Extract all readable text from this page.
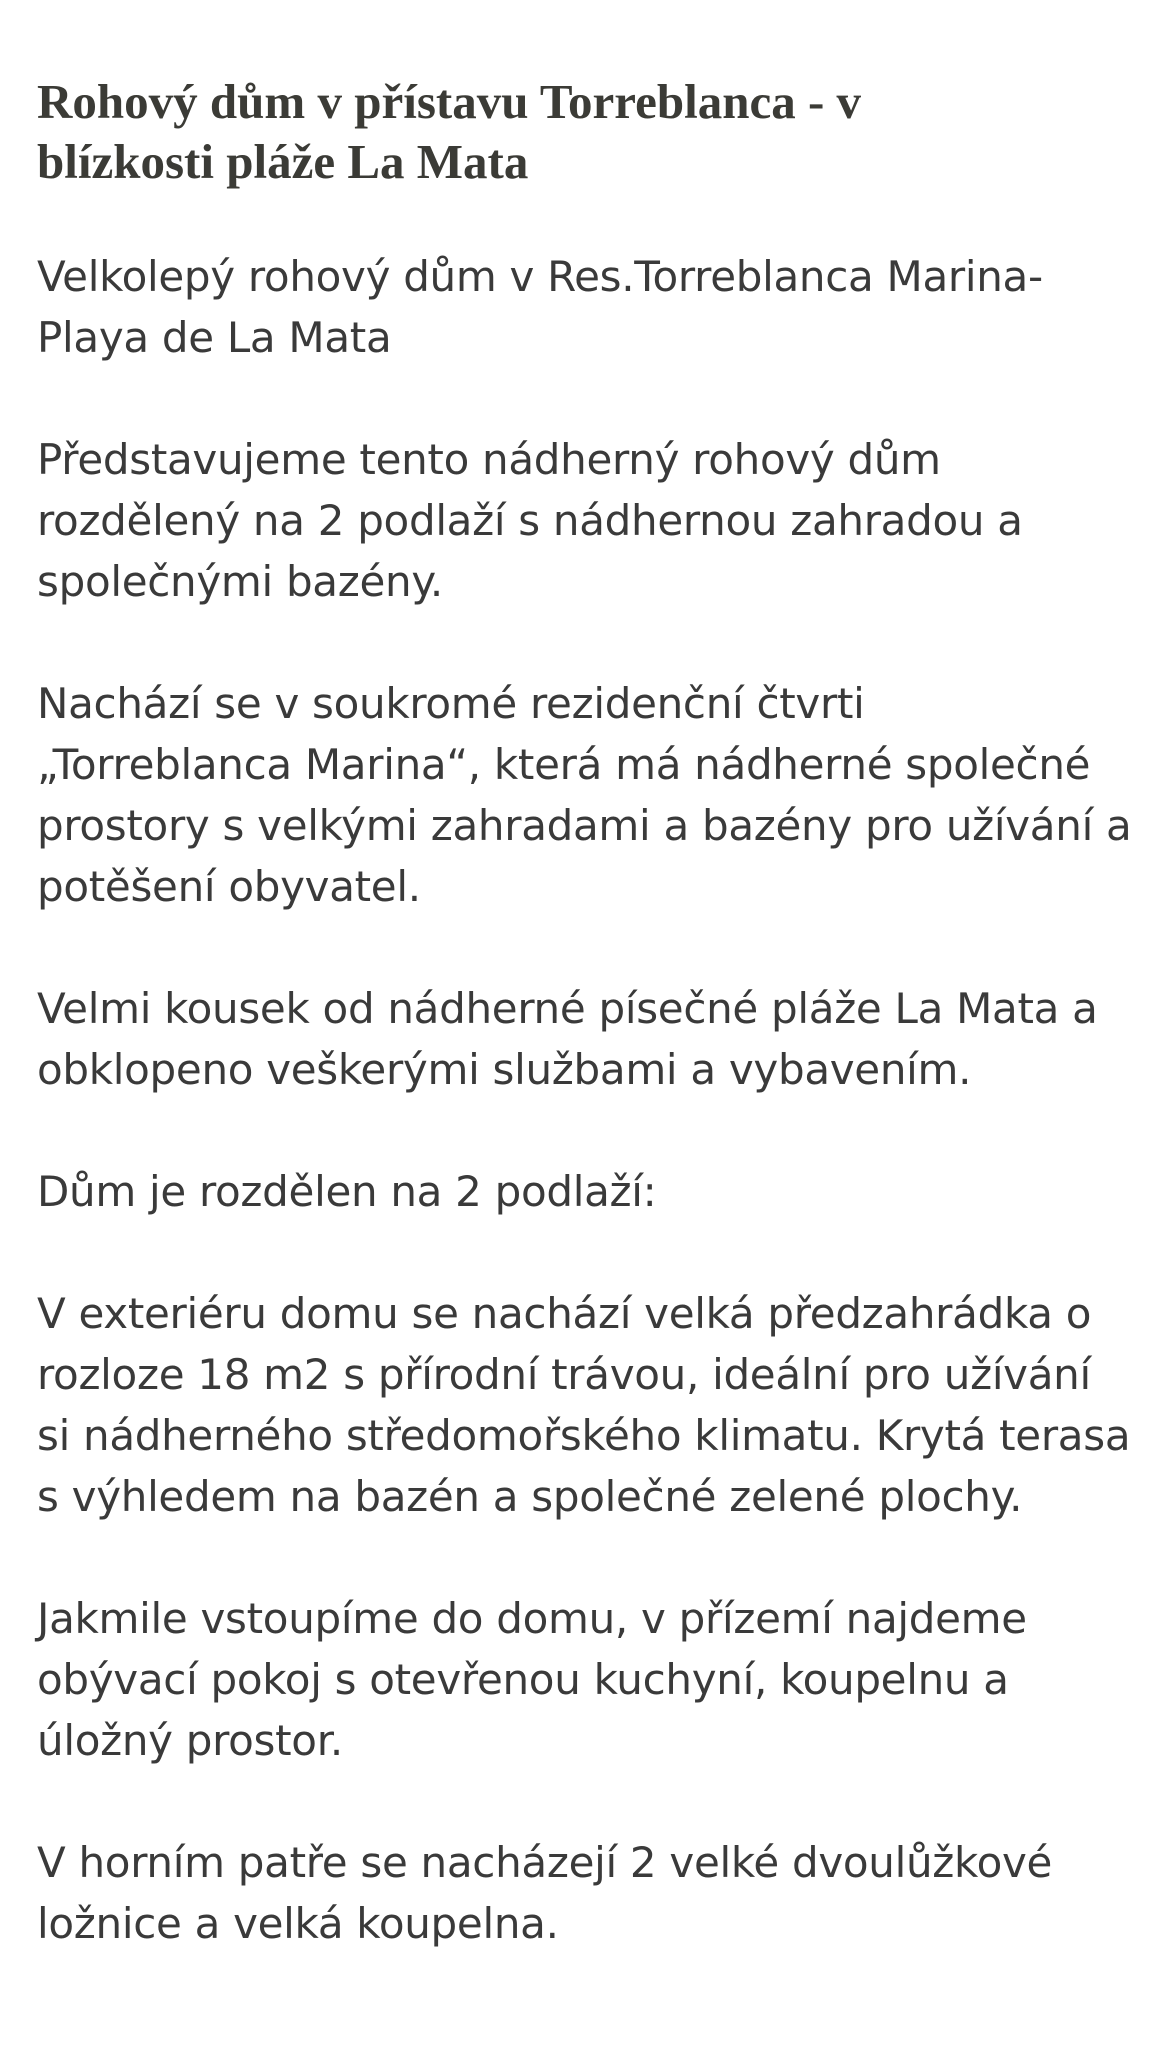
Rohový dům v přístavu Torreblanca - v blízkosti pláže La Mata

Velkolepý rohový dům v Res.Torreblanca Marina-Playa de La Mata

Představujeme tento nádherný rohový dům rozdělený na 2 podlaží s nádhernou zahradou a společnými bazény.

Nachází se v soukromé rezidenční čtvrti „Torreblanca Marina“, která má nádherné společné prostory s velkými zahradami a bazény pro užívání a potěšení obyvatel.

Velmi kousek od nádherné písečné pláže La Mata a obklopeno veškerými službami a vybavením.

Dům je rozdělen na 2 podlaží:

V exteriéru domu se nachází velká předzahrádka o rozloze 18 m2 s přírodní trávou, ideální pro užívání si nádherného středomořského klimatu. Krytá terasa s výhledem na bazén a společné zelené plochy.

Jakmile vstoupíme do domu, v přízemí najdeme obývací pokoj s otevřenou kuchyní, koupelnu a úložný prostor.

V horním patře se nacházejí 2 velké dvoulůžkové ložnice a velká koupelna.
